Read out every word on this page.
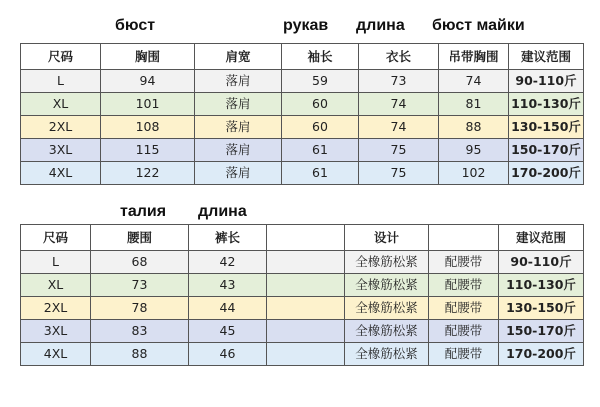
бюст	рукав длина бюст майки
尺码	胸围	肩宽	袖长	衣长	吊带胸围	建议范围
L	94	落肩	59	73	74	90-110斤
XL	101	落肩	60	74	81	110-130斤
2XL	108	落肩	60	74	88	130-150斤
3XL	115	落肩	61	75	95	150-170斤
4XL	122	落肩	61	75	102	170-200斤
талия длина
尺码	腰围	裤长		设计		建议范围
L	68	42		全橡筋松紧	配腰带	90-110斤
XL	73	43		全橡筋松紧	配腰带	110-130斤
2XL	78	44		全橡筋松紧	配腰带	130-150斤
3XL	83	45		全橡筋松紧	配腰带	150-170斤
4XL	88	46		全橡筋松紧	配腰带	170-200斤
